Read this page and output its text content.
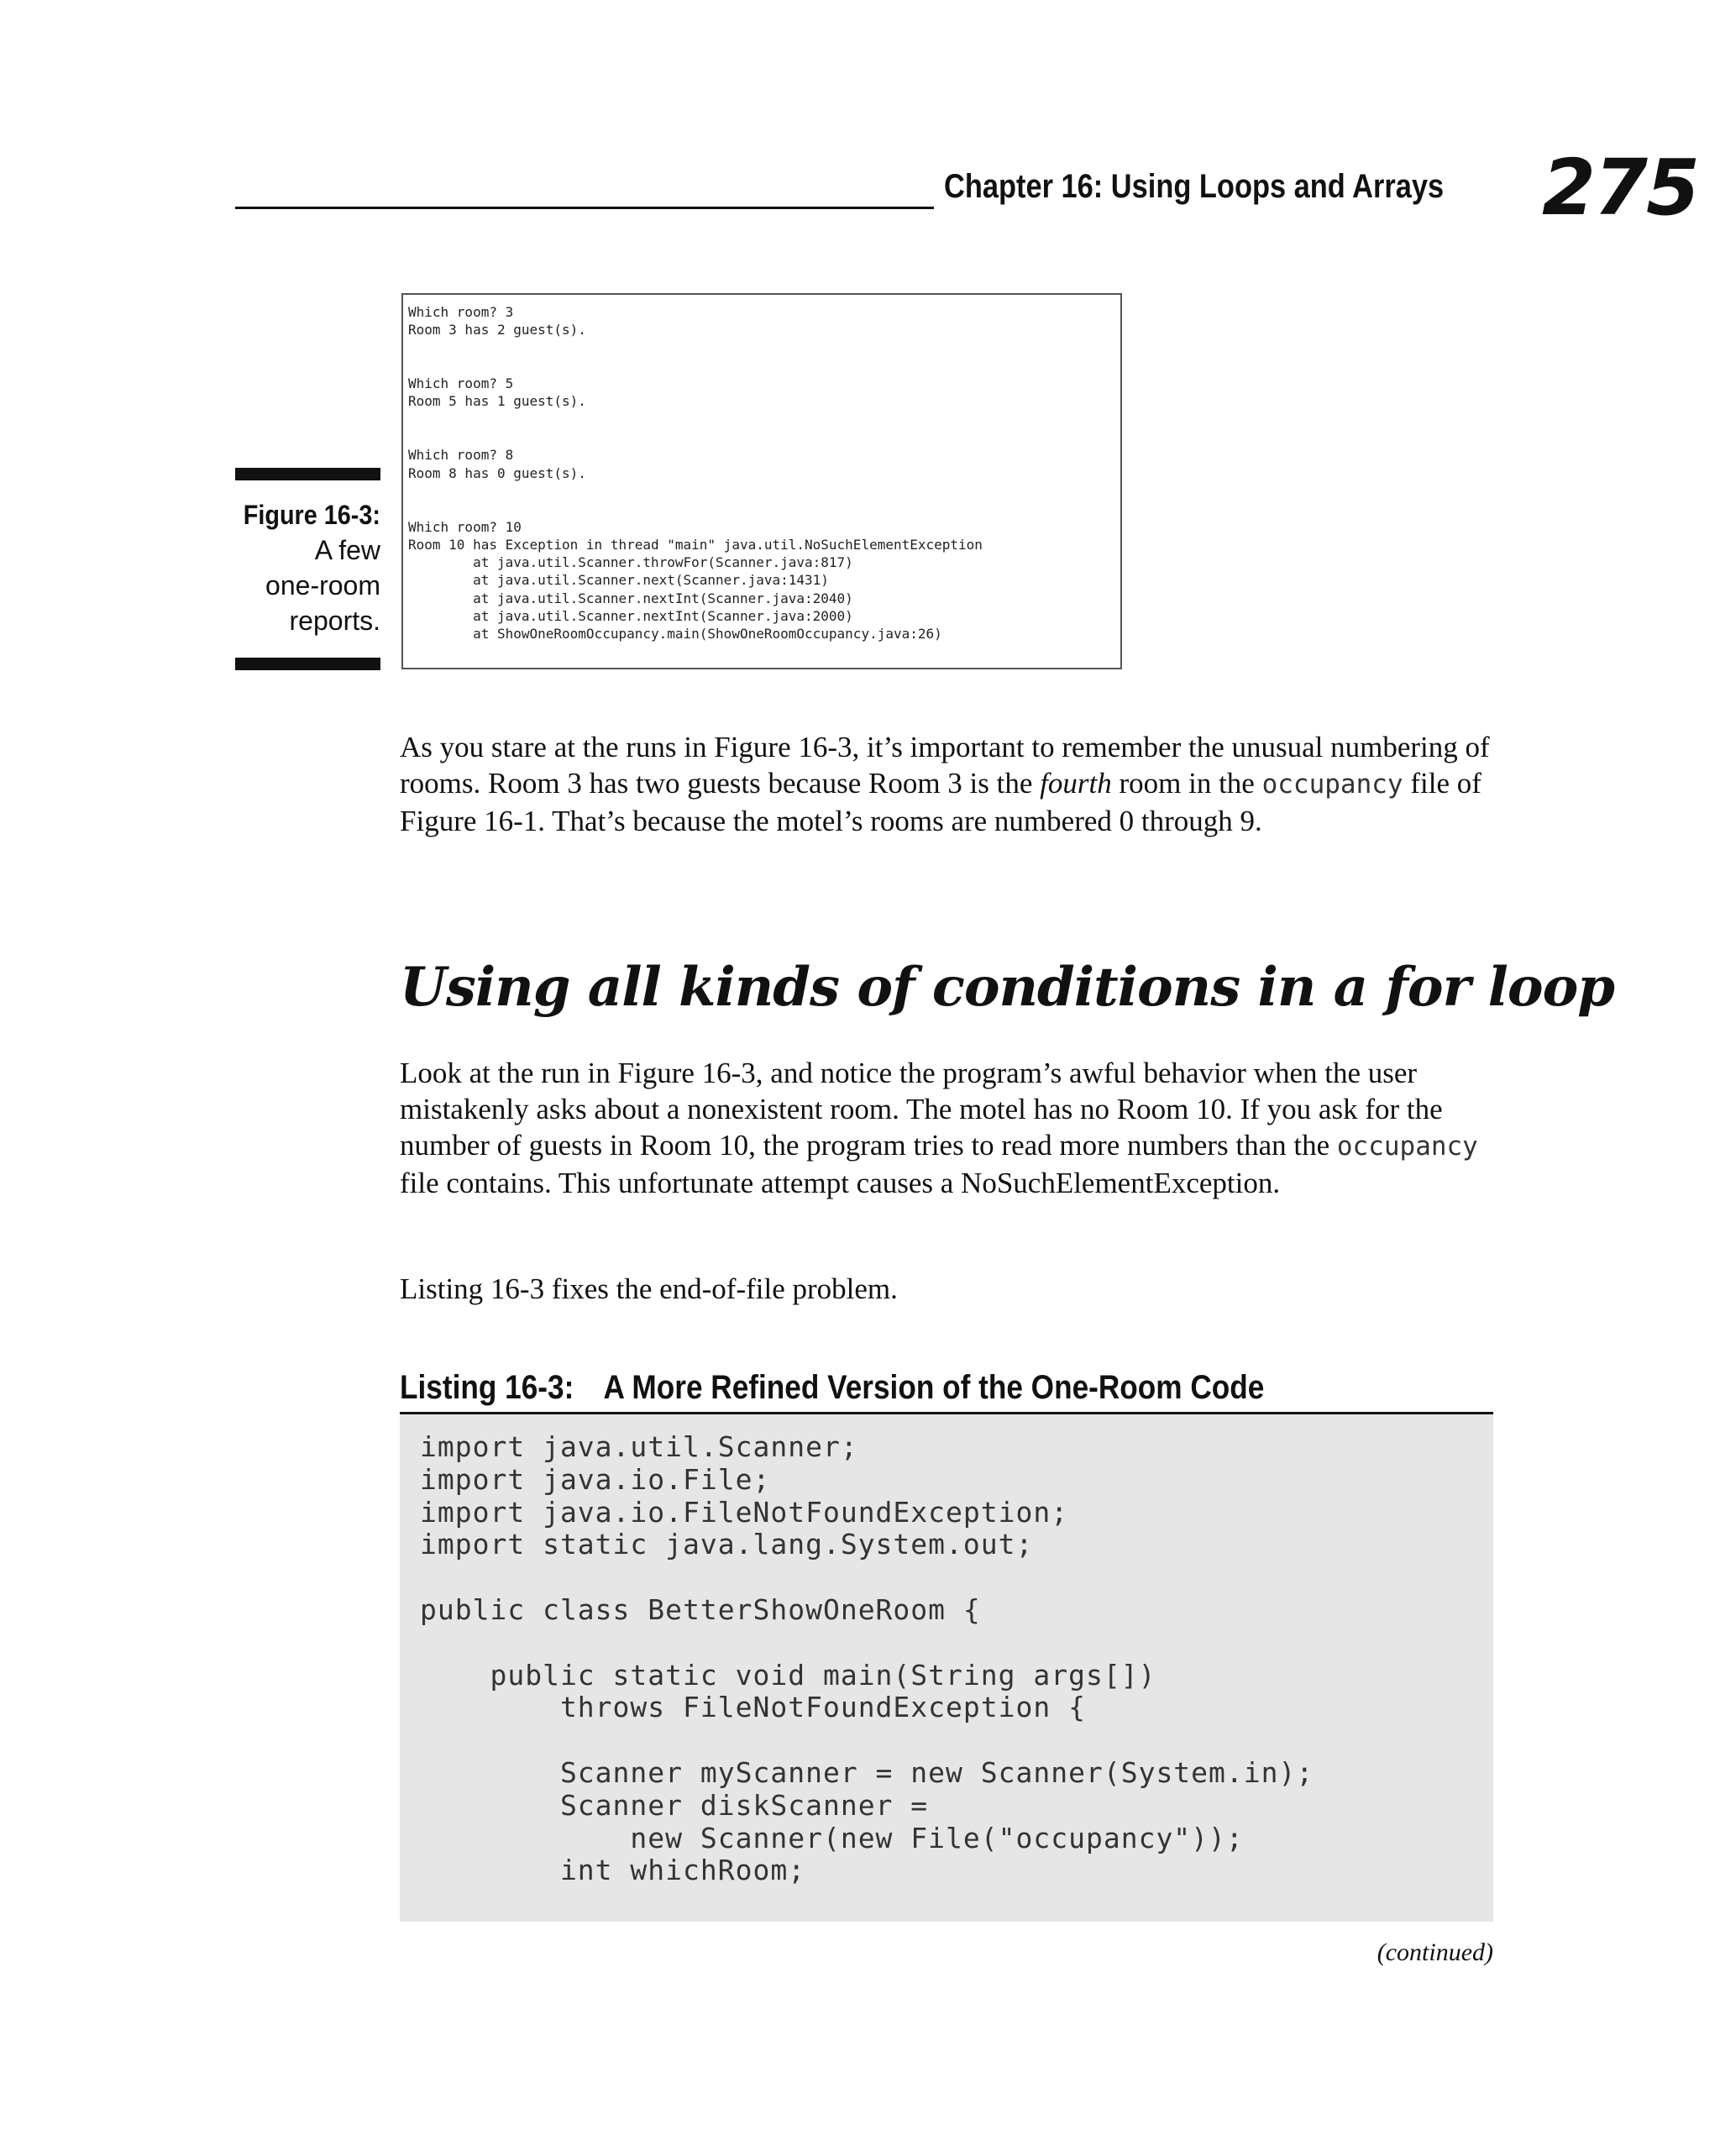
Chapter 16: Using Loops and Arrays 275
Figure 16-3:
A few
one-room
reports.
Which room? 3
Room 3 has 2 guest(s).
Which room? 5
Room 5 has 1 guest(s).
Which room? 8
Room 8 has 0 guest(s).
Which room? 10
Room 10 has Exception in thread "main" java.util.NoSuchElementException
at java.util.Scanner.throwFor(Scanner.java:817)
at java.util.Scanner.next(Scanner.java:1431)
at java.util.Scanner.nextInt(Scanner.java:2040)
at java.util.Scanner.nextInt(Scanner.java:2000)
at ShowOneRoomOccupancy.main(ShowOneRoomOccupancy.java:26)

As you stare at the runs in Figure 16-3, it’s important to remember the unusual numbering of rooms. Room 3 has two guests because Room 3 is the fourth room in the occupancy file of Figure 16-1. That’s because the motel’s rooms are numbered 0 through 9.

Using all kinds of conditions in a for loop

Look at the run in Figure 16-3, and notice the program’s awful behavior when the user mistakenly asks about a nonexistent room. The motel has no Room 10. If you ask for the number of guests in Room 10, the program tries to read more numbers than the occupancy file contains. This unfortunate attempt causes a NoSuchElementException.

Listing 16-3 fixes the end-of-file problem.

Listing 16-3: A More Refined Version of the One-Room Code
import java.util.Scanner;
import java.io.File;
import java.io.FileNotFoundException;
import static java.lang.System.out;
public class BetterShowOneRoom {
public static void main(String args[])
throws FileNotFoundException {
Scanner myScanner = new Scanner(System.in);
Scanner diskScanner =
new Scanner(new File("occupancy"));
int whichRoom;
(continued)
